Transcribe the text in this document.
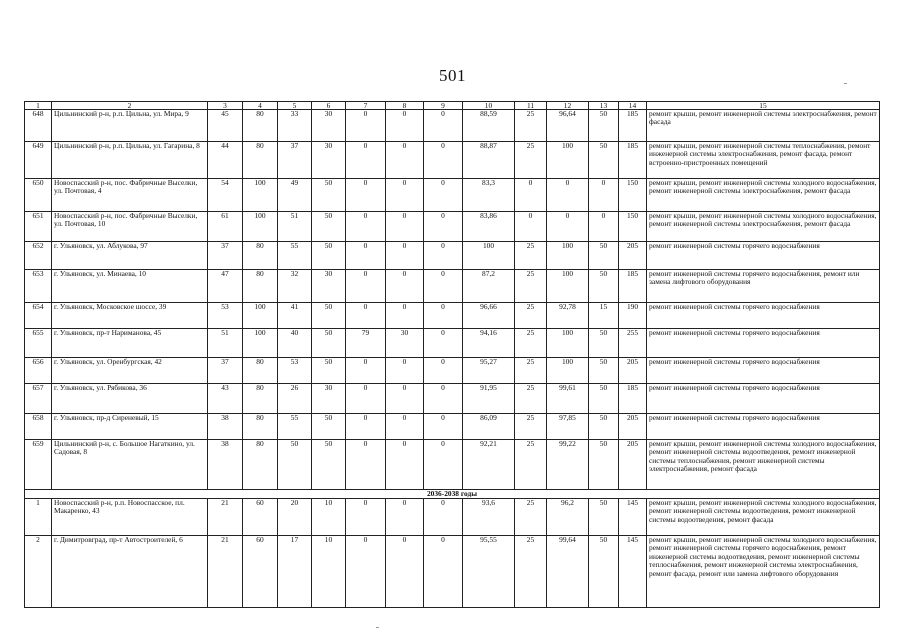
501
1	2	3	4	5	6	7	8	9	10	11	12	13	14	15
648	Цильнинский р-н, р.п. Цильна, ул. Мира, 9	45	80	33	30	0	0	0	88,59	25	96,64	50	185	ремонт крыши, ремонт инженерной системы электроснабжения, ремонт фасада
649	Цильнинский р-н, р.п. Цильна, ул. Гагарина, 8	44	80	37	30	0	0	0	88,87	25	100	50	185	ремонт крыши, ремонт инженерной системы теплоснабжения, ремонт инженерной системы электроснабжения, ремонт фасада, ремонт встроенно-пристроенных помещений
650	Новоспасский р-н, пос. Фабричные Выселки, ул. Почтовая, 4	54	100	49	50	0	0	0	83,3	0	0	0	150	ремонт крыши, ремонт инженерной системы холодного водоснабжения, ремонт инженерной системы электроснабжения, ремонт фасада
651	Новоспасский р-н, пос. Фабричные Выселки, ул. Почтовая, 10	61	100	51	50	0	0	0	83,86	0	0	0	150	ремонт крыши, ремонт инженерной системы холодного водоснабжения, ремонт инженерной системы электроснабжения, ремонт фасада
652	г. Ульяновск, ул. Аблукова, 97	37	80	55	50	0	0	0	100	25	100	50	205	ремонт инженерной системы горячего водоснабжения
653	г. Ульяновск, ул. Минаева, 10	47	80	32	30	0	0	0	87,2	25	100	50	185	ремонт инженерной системы горячего водоснабжения, ремонт или замена лифтового оборудования
654	г. Ульяновск, Московское шоссе, 39	53	100	41	50	0	0	0	96,66	25	92,78	15	190	ремонт инженерной системы горячего водоснабжения
655	г. Ульяновск, пр-т Нариманова, 45	51	100	40	50	79	30	0	94,16	25	100	50	255	ремонт инженерной системы горячего водоснабжения
656	г. Ульяновск, ул. Оренбургская, 42	37	80	53	50	0	0	0	95,27	25	100	50	205	ремонт инженерной системы горячего водоснабжения
657	г. Ульяновск, ул. Рябикова, 36	43	80	26	30	0	0	0	91,95	25	99,61	50	185	ремонт инженерной системы горячего водоснабжения
658	г. Ульяновск, пр-д Сиреневый, 15	38	80	55	50	0	0	0	86,09	25	97,85	50	205	ремонт инженерной системы горячего водоснабжения
659	Цильнинский р-н, с. Большое Нагаткино, ул. Садовая, 8	38	80	50	50	0	0	0	92,21	25	99,22	50	205	ремонт крыши, ремонт инженерной системы холодного водоснабжения, ремонт инженерной системы водоотведения, ремонт инженерной системы теплоснабжения, ремонт инженерной системы электроснабжения, ремонт фасада
2036-2038 годы														
1	Новоспасский р-н, р.п. Новоспасское, пл. Макаренко, 43	21	60	20	10	0	0	0	93,6	25	96,2	50	145	ремонт крыши, ремонт инженерной системы холодного водоснабжения, ремонт инженерной системы водоотведения, ремонт инженерной системы водоотведения, ремонт фасада
2	г. Димитровград, пр-т Автостроителей, 6	21	60	17	10	0	0	0	95,55	25	99,64	50	145	ремонт крыши, ремонт инженерной системы холодного водоснабжения, ремонт инженерной системы горячего водоснабжения, ремонт инженерной системы водоотведения, ремонт инженерной системы теплоснабжения, ремонт инженерной системы электроснабжения, ремонт фасада, ремонт или замена лифтового оборудования
